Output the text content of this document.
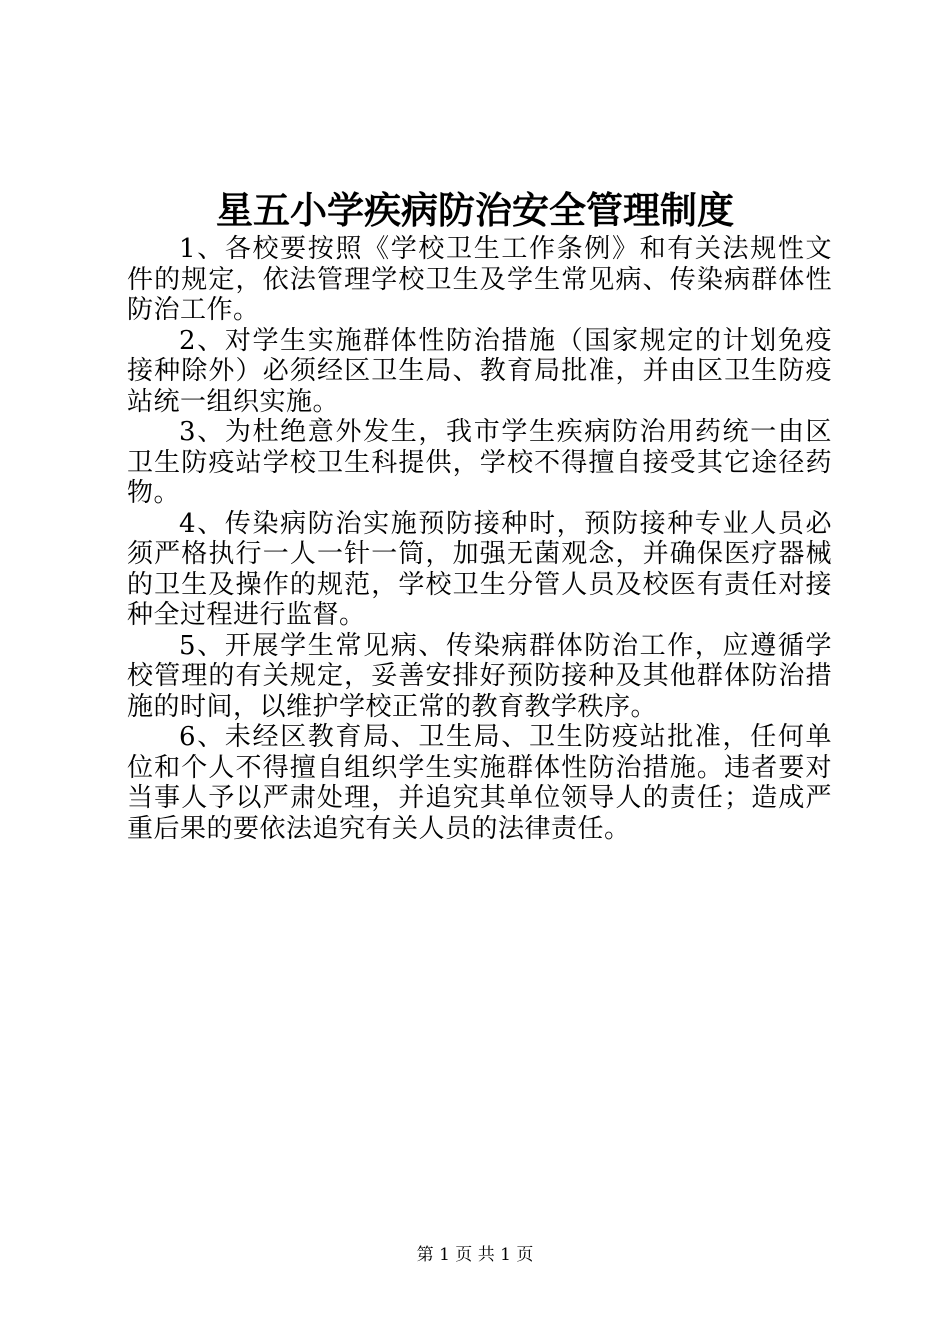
星五小学疾病防治安全管理制度

1、各校要按照《学校卫生工作条例》和有关法规性文件的规定，依法管理学校卫生及学生常见病、传染病群体性防治工作。

2、对学生实施群体性防治措施（国家规定的计划免疫接种除外）必须经区卫生局、教育局批准，并由区卫生防疫站统一组织实施。

3、为杜绝意外发生，我市学生疾病防治用药统一由区卫生防疫站学校卫生科提供，学校不得擅自接受其它途径药物。

4、传染病防治实施预防接种时，预防接种专业人员必须严格执行一人一针一筒，加强无菌观念，并确保医疗器械的卫生及操作的规范，学校卫生分管人员及校医有责任对接种全过程进行监督。

5、开展学生常见病、传染病群体防治工作，应遵循学校管理的有关规定，妥善安排好预防接种及其他群体防治措施的时间，以维护学校正常的教育教学秩序。

6、未经区教育局、卫生局、卫生防疫站批准，任何单位和个人不得擅自组织学生实施群体性防治措施。违者要对当事人予以严肃处理，并追究其单位领导人的责任；造成严重后果的要依法追究有关人员的法律责任。

第 1 页 共 1 页
